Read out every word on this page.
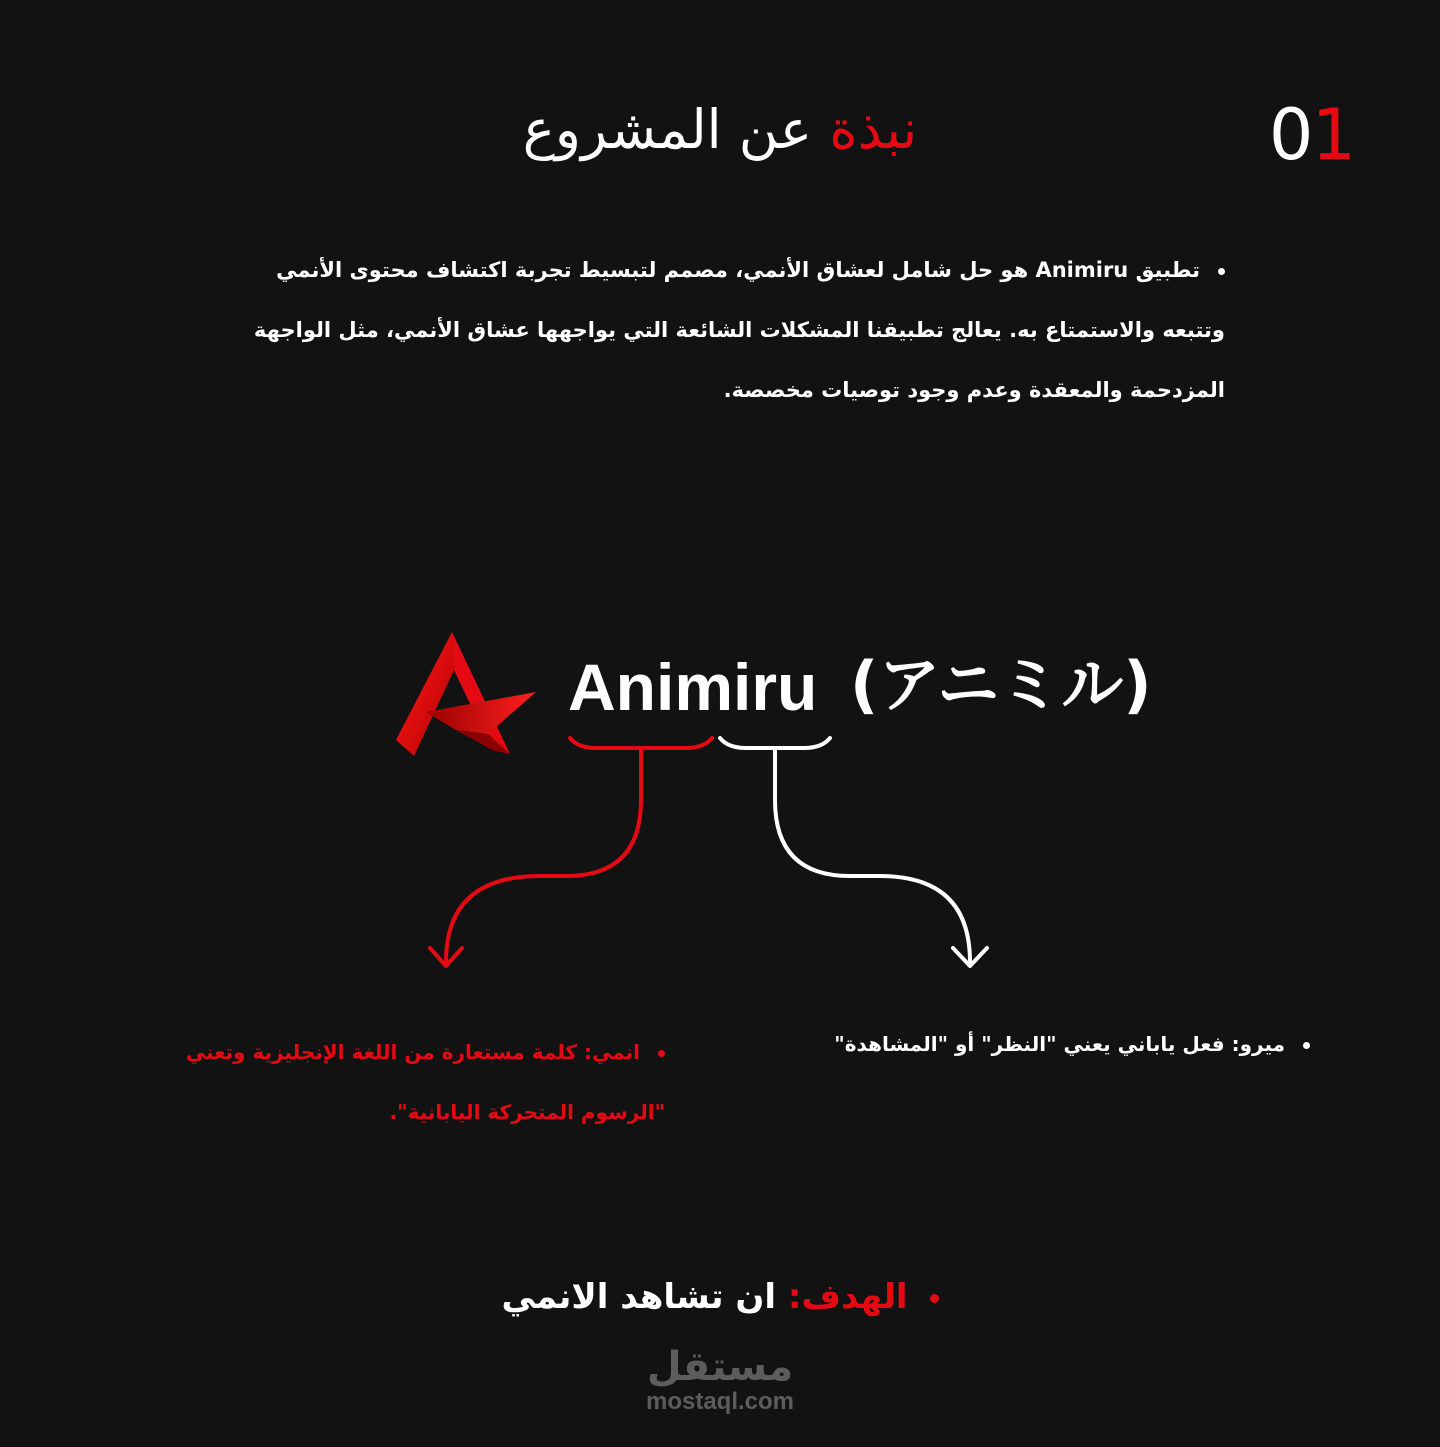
01
نبذة عن المشروع
تطبيق Animiru هو حل شامل لعشاق الأنمي، مصمم لتبسيط تجربة اكتشاف محتوى الأنمي وتتبعه والاستمتاع به. يعالج تطبيقنا المشكلات الشائعة التي يواجهها عشاق الأنمي، مثل الواجهة المزدحمة والمعقدة وعدم وجود توصيات مخصصة.
Animiru (アニミル)
انمي: كلمة مستعارة من اللغة الإنجليزية وتعني "الرسوم المتحركة اليابانية".
ميرو: فعل ياباني يعني "النظر" أو "المشاهدة"
الهدف: ان تشاهد الانمي
مستقل
mostaql.com
